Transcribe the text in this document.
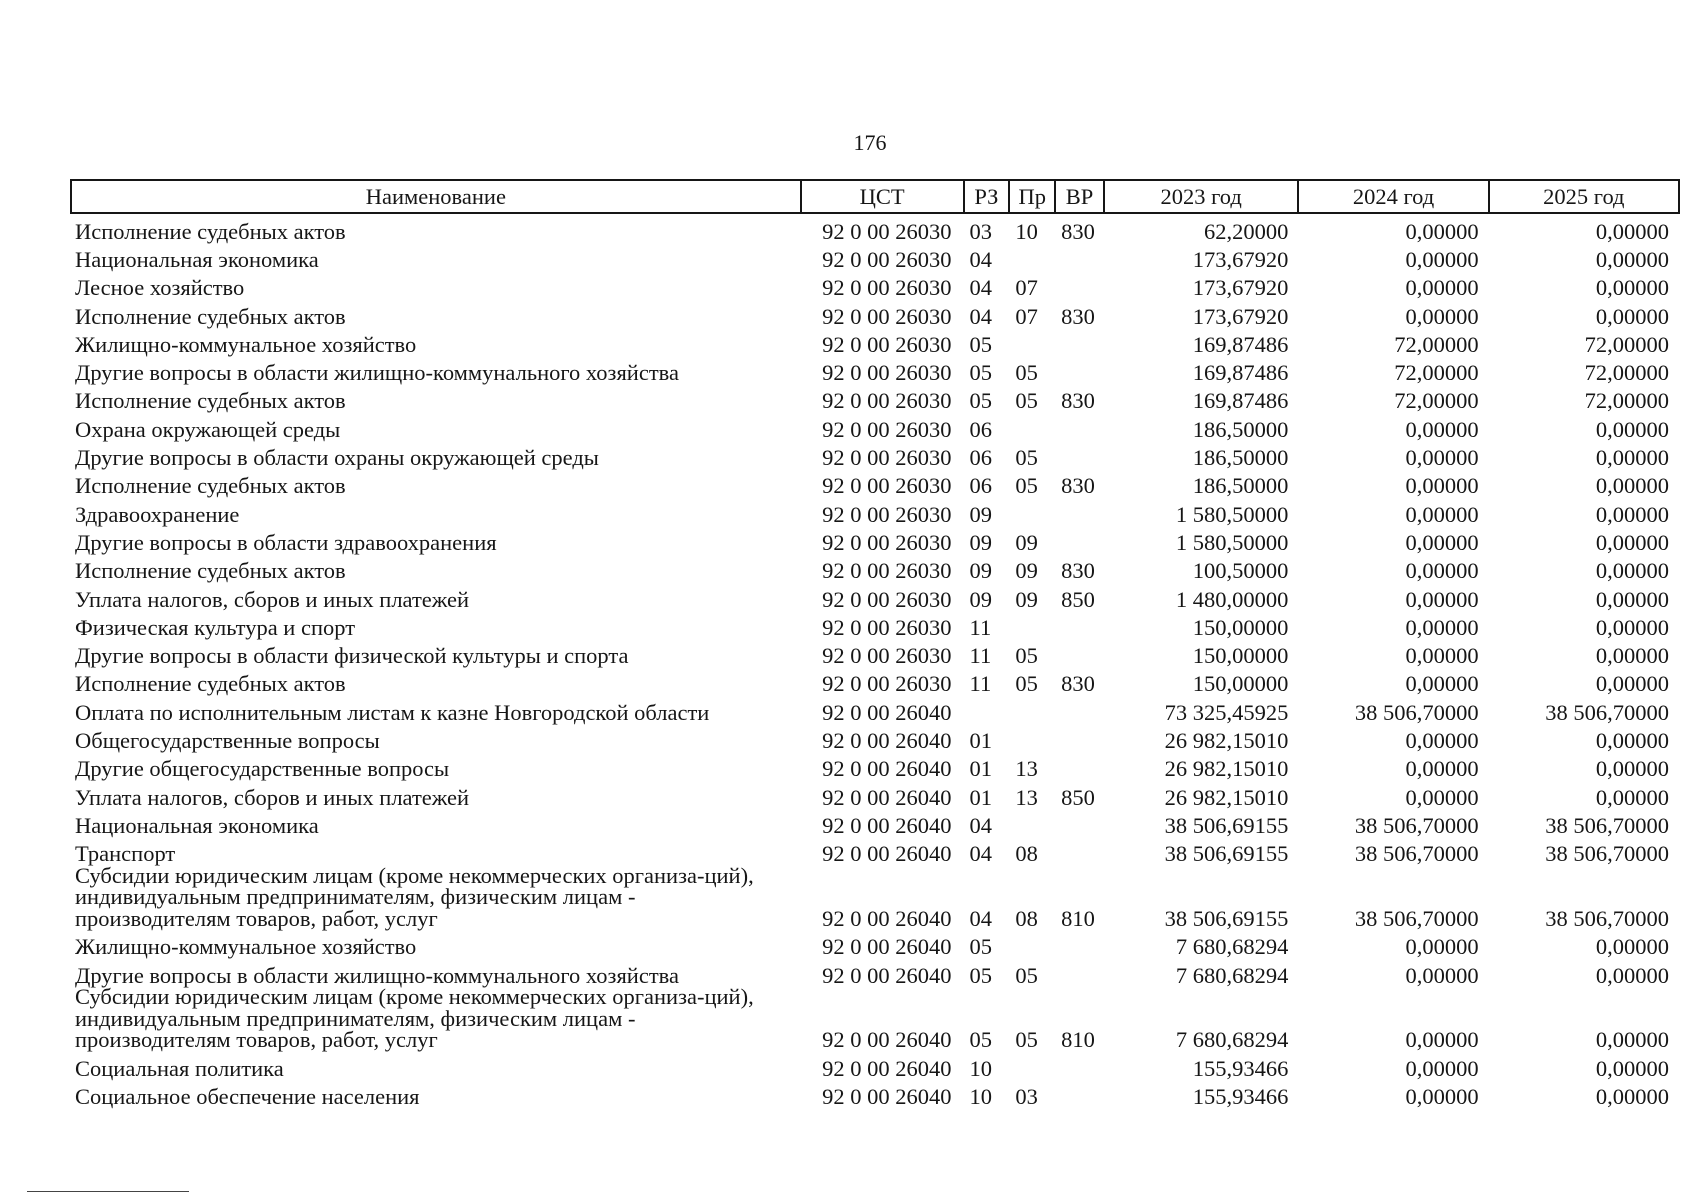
176
Наименование	ЦСТ	РЗ	Пр	ВР	2023 год	2024 год	2025 год
Исполнение судебных актов	92 0 00 26030	03	10	830	62,20000	0,00000	0,00000
Национальная экономика	92 0 00 26030	04			173,67920	0,00000	0,00000
Лесное хозяйство	92 0 00 26030	04	07		173,67920	0,00000	0,00000
Исполнение судебных актов	92 0 00 26030	04	07	830	173,67920	0,00000	0,00000
Жилищно-коммунальное хозяйство	92 0 00 26030	05			169,87486	72,00000	72,00000
Другие вопросы в области жилищно-коммунального хозяйства	92 0 00 26030	05	05		169,87486	72,00000	72,00000
Исполнение судебных актов	92 0 00 26030	05	05	830	169,87486	72,00000	72,00000
Охрана окружающей среды	92 0 00 26030	06			186,50000	0,00000	0,00000
Другие вопросы в области охраны окружающей среды	92 0 00 26030	06	05		186,50000	0,00000	0,00000
Исполнение судебных актов	92 0 00 26030	06	05	830	186,50000	0,00000	0,00000
Здравоохранение	92 0 00 26030	09			1 580,50000	0,00000	0,00000
Другие вопросы в области здравоохранения	92 0 00 26030	09	09		1 580,50000	0,00000	0,00000
Исполнение судебных актов	92 0 00 26030	09	09	830	100,50000	0,00000	0,00000
Уплата налогов, сборов и иных платежей	92 0 00 26030	09	09	850	1 480,00000	0,00000	0,00000
Физическая культура и спорт	92 0 00 26030	11			150,00000	0,00000	0,00000
Другие вопросы в области физической культуры и спорта	92 0 00 26030	11	05		150,00000	0,00000	0,00000
Исполнение судебных актов	92 0 00 26030	11	05	830	150,00000	0,00000	0,00000
Оплата по исполнительным листам к казне Новгородской области	92 0 00 26040				73 325,45925	38 506,70000	38 506,70000
Общегосударственные вопросы	92 0 00 26040	01			26 982,15010	0,00000	0,00000
Другие общегосударственные вопросы	92 0 00 26040	01	13		26 982,15010	0,00000	0,00000
Уплата налогов, сборов и иных платежей	92 0 00 26040	01	13	850	26 982,15010	0,00000	0,00000
Национальная экономика	92 0 00 26040	04			38 506,69155	38 506,70000	38 506,70000
Транспорт	92 0 00 26040	04	08		38 506,69155	38 506,70000	38 506,70000
Субсидии юридическим лицам (кроме некоммерческих организа-ций), индивидуальным предпринимателям, физическим лицам - производителям товаров, работ, услуг	92 0 00 26040	04	08	810	38 506,69155	38 506,70000	38 506,70000
Жилищно-коммунальное хозяйство	92 0 00 26040	05			7 680,68294	0,00000	0,00000
Другие вопросы в области жилищно-коммунального хозяйства	92 0 00 26040	05	05		7 680,68294	0,00000	0,00000
Субсидии юридическим лицам (кроме некоммерческих организа-ций), индивидуальным предпринимателям, физическим лицам - производителям товаров, работ, услуг	92 0 00 26040	05	05	810	7 680,68294	0,00000	0,00000
Социальная политика	92 0 00 26040	10			155,93466	0,00000	0,00000
Социальное обеспечение населения	92 0 00 26040	10	03		155,93466	0,00000	0,00000
